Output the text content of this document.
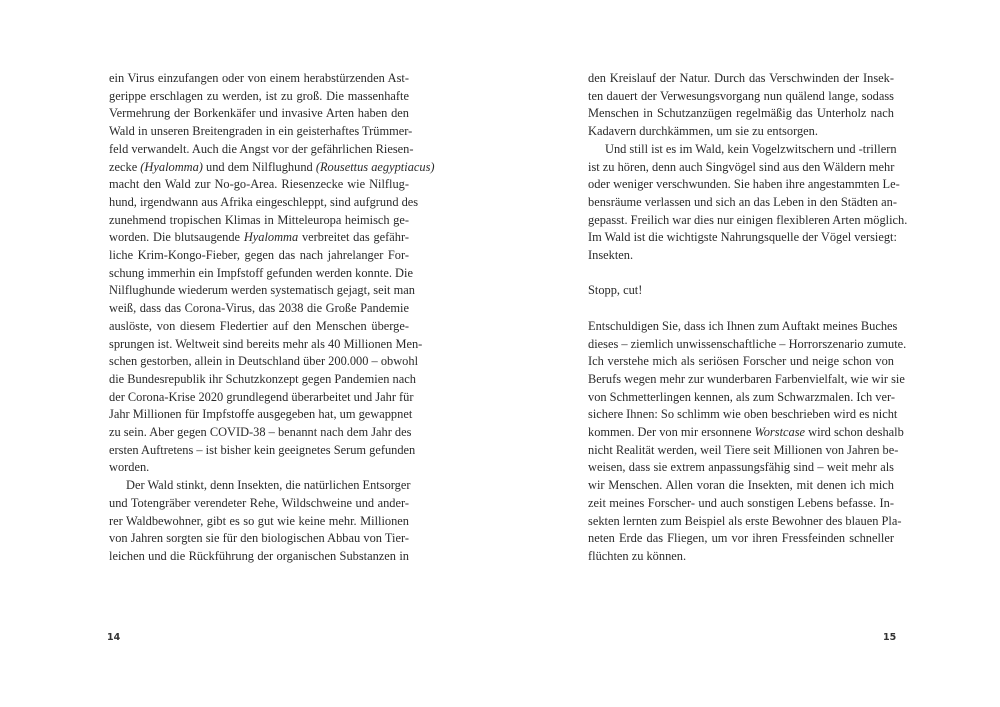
ein Virus einzufangen oder von einem herabstürzenden Ast-
gerippe erschlagen zu werden, ist zu groß. Die massenhafte
Vermehrung der Borkenkäfer und invasive Arten haben den
Wald in unseren Breitengraden in ein geisterhaftes Trümmer-
feld verwandelt. Auch die Angst vor der gefährlichen Riesen-
zecke (Hyalomma) und dem Nilflughund (Rousettus aegyptiacus)
macht den Wald zur No-go-Area. Riesenzecke wie Nilflug-
hund, irgendwann aus Afrika eingeschleppt, sind aufgrund des
zunehmend tropischen Klimas in Mitteleuropa heimisch ge-
worden. Die blutsaugende Hyalomma verbreitet das gefähr-
liche Krim-Kongo-Fieber, gegen das nach jahrelanger For-
schung immerhin ein Impfstoff gefunden werden konnte. Die
Nilflughunde wiederum werden systematisch gejagt, seit man
weiß, dass das Corona-Virus, das 2038 die Große Pandemie
auslöste, von diesem Fledertier auf den Menschen überge-
sprungen ist. Weltweit sind bereits mehr als 40 Millionen Men-
schen gestorben, allein in Deutschland über 200.000 – obwohl
die Bundesrepublik ihr Schutzkonzept gegen Pandemien nach
der Corona-Krise 2020 grundlegend überarbeitet und Jahr für
Jahr Millionen für Impfstoffe ausgegeben hat, um gewappnet
zu sein. Aber gegen COVID-38 – benannt nach dem Jahr des
ersten Auftretens – ist bisher kein geeignetes Serum gefunden
worden.
Der Wald stinkt, denn Insekten, die natürlichen Entsorger
und Totengräber verendeter Rehe, Wildschweine und ander-
rer Waldbewohner, gibt es so gut wie keine mehr. Millionen
von Jahren sorgten sie für den biologischen Abbau von Tier-
leichen und die Rückführung der organischen Substanzen in
den Kreislauf der Natur. Durch das Verschwinden der Insek-
ten dauert der Verwesungsvorgang nun quälend lange, sodass
Menschen in Schutzanzügen regelmäßig das Unterholz nach
Kadavern durchkämmen, um sie zu entsorgen.
Und still ist es im Wald, kein Vogelzwitschern und -trillern
ist zu hören, denn auch Singvögel sind aus den Wäldern mehr
oder weniger verschwunden. Sie haben ihre angestammten Le-
bensräume verlassen und sich an das Leben in den Städten an-
gepasst. Freilich war dies nur einigen flexibleren Arten möglich.
Im Wald ist die wichtigste Nahrungsquelle der Vögel versiegt:
Insekten.
Stopp, cut!
Entschuldigen Sie, dass ich Ihnen zum Auftakt meines Buches
dieses – ziemlich unwissenschaftliche – Horrorszenario zumute.
Ich verstehe mich als seriösen Forscher und neige schon von
Berufs wegen mehr zur wunderbaren Farbenvielfalt, wie wir sie
von Schmetterlingen kennen, als zum Schwarzmalen. Ich ver-
sichere Ihnen: So schlimm wie oben beschrieben wird es nicht
kommen. Der von mir ersonnene Worstcase wird schon deshalb
nicht Realität werden, weil Tiere seit Millionen von Jahren be-
weisen, dass sie extrem anpassungsfähig sind – weit mehr als
wir Menschen. Allen voran die Insekten, mit denen ich mich
zeit meines Forscher- und auch sonstigen Lebens befasse. In-
sekten lernten zum Beispiel als erste Bewohner des blauen Pla-
neten Erde das Fliegen, um vor ihren Fressfeinden schneller
flüchten zu können.
14	15
